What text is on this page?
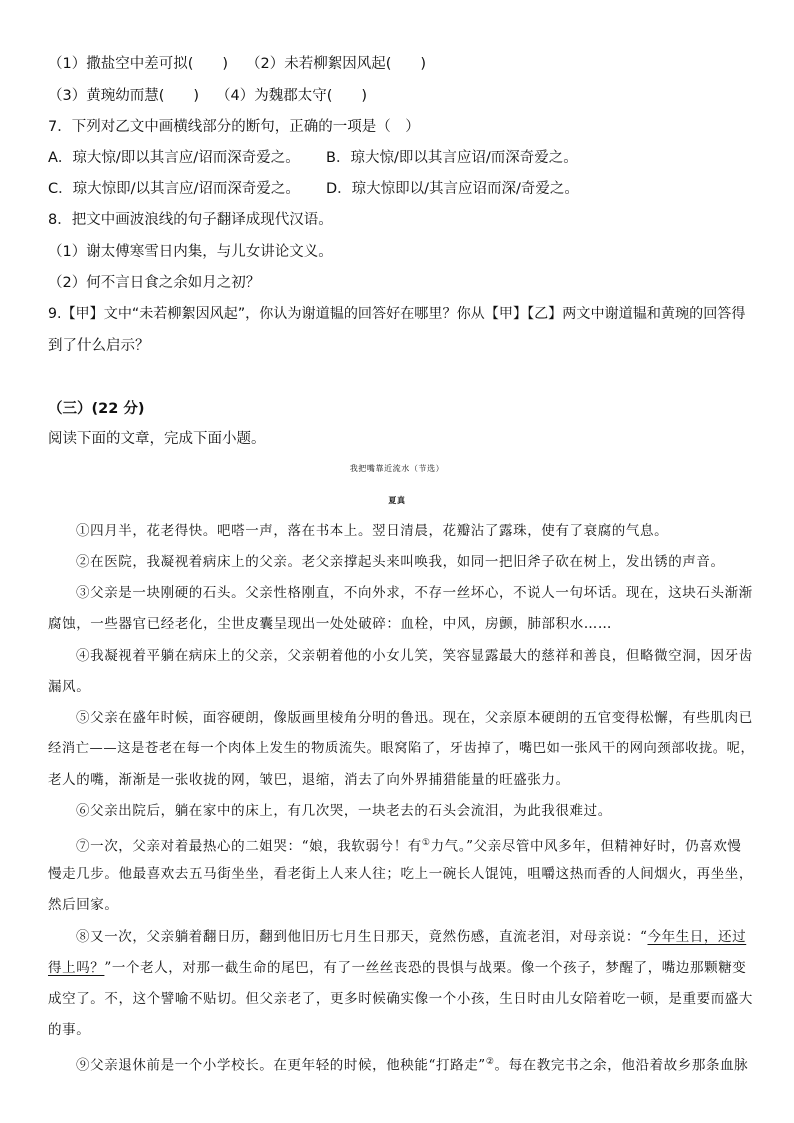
（1）撒盐空中差可拟(　　) （2）未若柳絮因风起(　　)
（3）黄琬幼而慧(　　) （4）为魏郡太守(　　)
7．下列对乙文中画横线部分的断句，正确的一项是（　）
A．琼大惊/即以其言应/诏而深奇爱之。 B．琼大惊/即以其言应诏/而深奇爱之。
C．琼大惊即/以其言应/诏而深奇爱之。 D．琼大惊即以/其言应诏而深/奇爱之。
8．把文中画波浪线的句子翻译成现代汉语。
（1）谢太傅寒雪日内集，与儿女讲论文义。
（2）何不言日食之余如月之初？
9.【甲】文中“未若柳絮因风起”，你认为谢道韫的回答好在哪里？你从【甲】【乙】两文中谢道韫和黄琬的回答得
到了什么启示？
（三）(22 分)
阅读下面的文章，完成下面小题。
我把嘴靠近流水（节选）
夏真
①四月半，花老得快。吧嗒一声，落在书本上。翌日清晨，花瓣沾了露珠，使有了衰腐的气息。
②在医院，我凝视着病床上的父亲。老父亲撑起头来叫唤我，如同一把旧斧子砍在树上，发出锈的声音。
③父亲是一块刚硬的石头。父亲性格刚直，不向外求，不存一丝坏心，不说人一句坏话。现在，这块石头渐渐
腐蚀，一些器官已经老化，尘世皮囊呈现出一处处破碎：血栓，中风，房颤，肺部积水……
④我凝视着平躺在病床上的父亲，父亲朝着他的小女儿笑，笑容显露最大的慈祥和善良，但略微空洞，因牙齿
漏风。
⑤父亲在盛年时候，面容硬朗，像版画里棱角分明的鲁迅。现在，父亲原本硬朗的五官变得松懈，有些肌肉已
经消亡——这是苍老在每一个肉体上发生的物质流失。眼窝陷了，牙齿掉了，嘴巴如一张风干的网向颈部收拢。呢，
老人的嘴，渐渐是一张收拢的网，皱巴，退缩，消去了向外界捕猎能量的旺盛张力。
⑥父亲出院后，躺在家中的床上，有几次哭，一块老去的石头会流泪，为此我很难过。
⑦一次，父亲对着最热心的二姐哭：“娘，我软弱兮！有①力气。”父亲尽管中风多年，但精神好时，仍喜欢慢
慢走几步。他最喜欢去五马街坐坐，看老街上人来人往；吃上一碗长人馄饨，咀嚼这热而香的人间烟火，再坐坐，
然后回家。
⑧又一次，父亲躺着翻日历，翻到他旧历七月生日那天，竟然伤感，直流老泪，对母亲说：“今年生日，还过
得上吗？”一个老人，对那一截生命的尾巴，有了一丝丝丧恐的畏惧与战栗。像一个孩子，梦醒了，嘴边那颗糖变
成空了。不，这个譬喻不贴切。但父亲老了，更多时候确实像一个小孩，生日时由儿女陪着吃一顿，是重要而盛大
的事。
⑨父亲退休前是一个小学校长。在更年轻的时候，他秧能“打路走”②。每在教完书之余，他沿着故乡那条血脉
